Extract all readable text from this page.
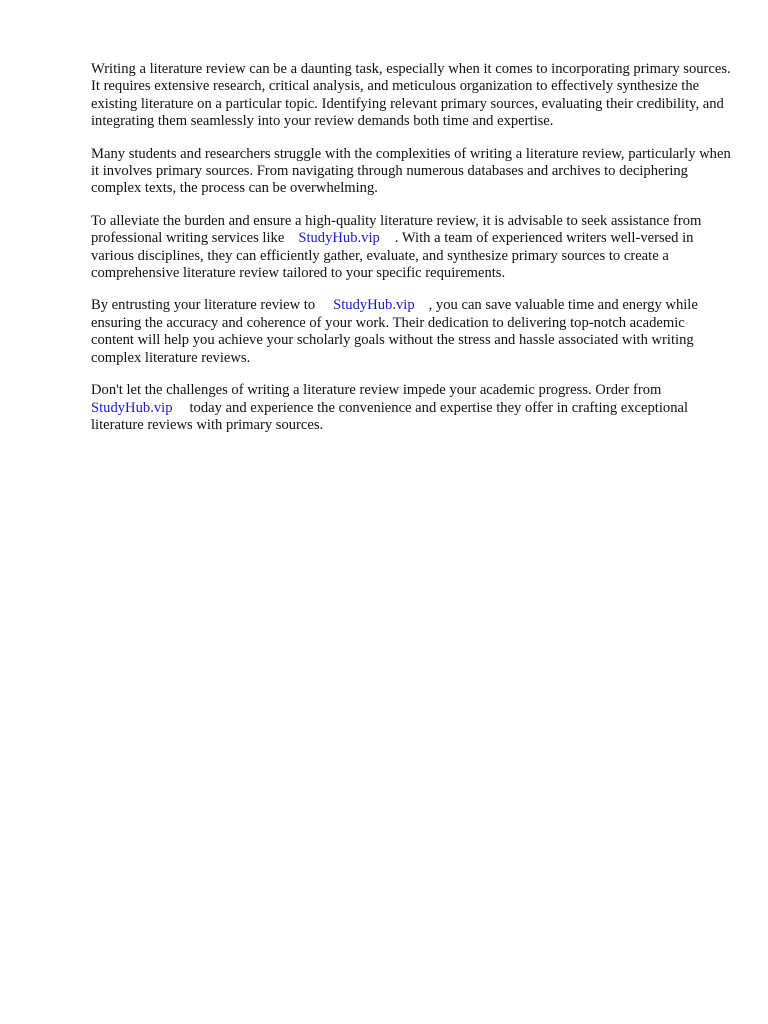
Writing a literature review can be a daunting task, especially when it comes to incorporating primary sources. It requires extensive research, critical analysis, and meticulous organization to effectively synthesize the existing literature on a particular topic. Identifying relevant primary sources, evaluating their credibility, and integrating them seamlessly into your review demands both time and expertise.

Many students and researchers struggle with the complexities of writing a literature review, particularly when it involves primary sources. From navigating through numerous databases and archives to deciphering complex texts, the process can be overwhelming.

To alleviate the burden and ensure a high-quality literature review, it is advisable to seek assistance from professional writing services like StudyHub.vip . With a team of experienced writers well-versed in various disciplines, they can efficiently gather, evaluate, and synthesize primary sources to create a comprehensive literature review tailored to your specific requirements.

By entrusting your literature review to StudyHub.vip , you can save valuable time and energy while ensuring the accuracy and coherence of your work. Their dedication to delivering top-notch academic content will help you achieve your scholarly goals without the stress and hassle associated with writing complex literature reviews.

Don't let the challenges of writing a literature review impede your academic progress. Order from StudyHub.vip today and experience the convenience and expertise they offer in crafting exceptional literature reviews with primary sources.
